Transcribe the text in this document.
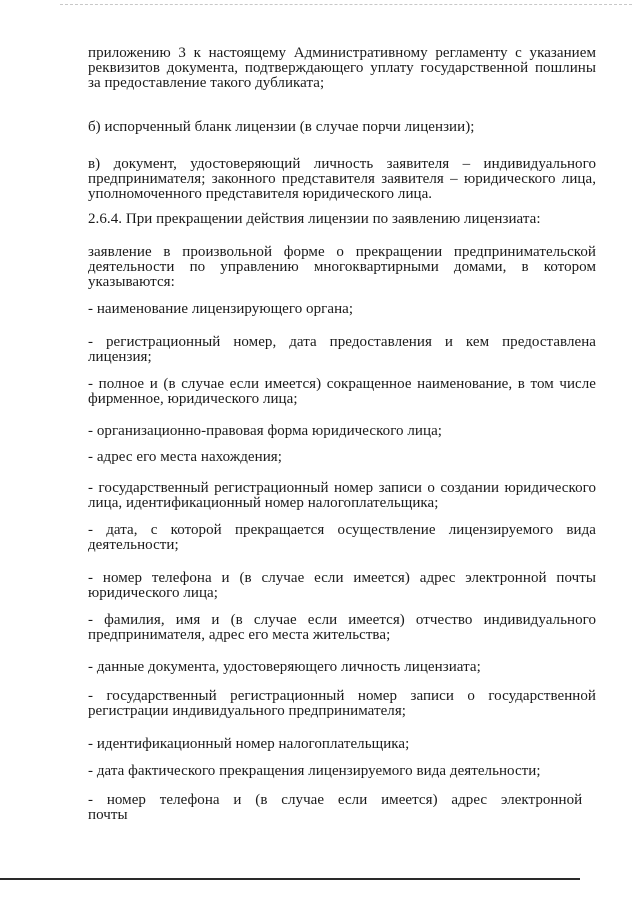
приложению 3 к настоящему Административному регламенту с указанием реквизитов документа, подтверждающего уплату государственной пошлины за предоставление такого дубликата;

б) испорченный бланк лицензии (в случае порчи лицензии);

в) документ, удостоверяющий личность заявителя – индивидуального предпринимателя; законного представителя заявителя – юридического лица, уполномоченного представителя юридического лица.

2.6.4. При прекращении действия лицензии по заявлению лицензиата:

заявление в произвольной форме о прекращении предпринимательской деятельности по управлению многоквартирными домами, в котором указываются:

- наименование лицензирующего органа;

- регистрационный номер, дата предоставления и кем предоставлена лицензия;

- полное и (в случае если имеется) сокращенное наименование, в том числе фирменное, юридического лица;

- организационно-правовая форма юридического лица;

- адрес его места нахождения;

- государственный регистрационный номер записи о создании юридического лица, идентификационный номер налогоплательщика;

- дата, с которой прекращается осуществление лицензируемого вида деятельности;

- номер телефона и (в случае если имеется) адрес электронной почты юридического лица;

- фамилия, имя и (в случае если имеется) отчество индивидуального предпринимателя, адрес его места жительства;

- данные документа, удостоверяющего личность лицензиата;

- государственный регистрационный номер записи о государственной регистрации индивидуального предпринимателя;

- идентификационный номер налогоплательщика;

- дата фактического прекращения лицензируемого вида деятельности;

- номер телефона и (в случае если имеется) адрес электронной почты
